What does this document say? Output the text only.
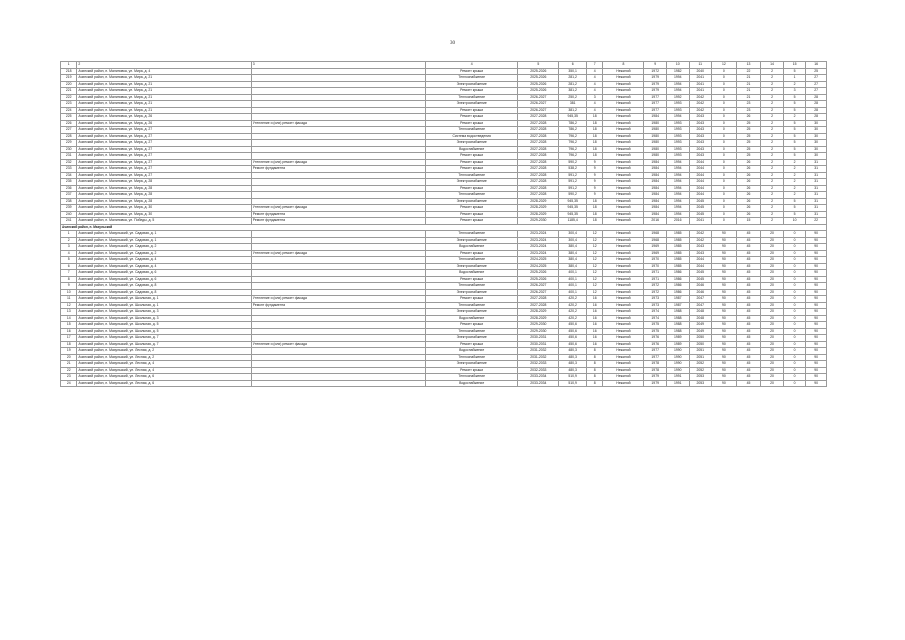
30
1	2	3	4	5	6	7	8	9	10	11	12	13	14	15	16
218	Ачинский район, п. Малиновка, ул. Мира, д. 4		Ремонт крыши	2025-2026	350,1	4	Нежилой	1972	1982	2040	0	22	2	5	25
219	Ачинский район, п. Малиновка, ул. Мира, д. 21		Теплоснабжение	2025-2026	281,2	4	Нежилой	1979	1994	2041	0	21	2	1	27
220	Ачинский район, п. Малиновка, ул. Мира, д. 21		Электроснабжение	2025-2026	281,2	4	Нежилой	1979	1994	2041	0	21	2	2	27
221	Ачинский район, п. Малиновка, ул. Мира, д. 21		Ремонт крыши	2025-2026	381,2	4	Нежилой	1979	1994	2041	0	21	2	3	27
222	Ачинский район, п. Малиновка, ул. Мира, д. 21		Теплоснабжение	2026-2027	250,2	3	Нежилой	1977	1992	2042	0	21	2	5	28
223	Ачинский район, п. Малиновка, ул. Мира, д. 21		Электроснабжение	2026-2027	381	4	Нежилой	1977	1993	2042	0	23	2	5	28
224	Ачинский район, п. Малиновка, ул. Мира, д. 21		Ремонт крыши	2026-2027	381,2	4	Нежилой	1977	1993	2042	0	23	2	5	28
225	Ачинский район, п. Малиновка, ул. Мира, д. 26		Ремонт крыши	2027-2028	945,35	18	Нежилой	1984	1994	2043	0	26	2	2	28
226	Ачинский район, п. Малиновка, ул. Мира, д. 26	Утепление и (или) ремонт фасада	Ремонт крыши	2027-2028	786,2	18	Нежилой	1980	1993	2043	0	25	2	5	30
227	Ачинский район, п. Малиновка, ул. Мира, д. 27		Теплоснабжение	2027-2028	786,2	18	Нежилой	1980	1993	2043	0	25	2	5	30
228	Ачинский район, п. Малиновка, ул. Мира, д. 27		Система водоотведения	2027-2028	796,2	18	Нежилой	1980	1993	2043	0	25	2	5	30
229	Ачинский район, п. Малиновка, ул. Мира, д. 27		Электроснабжение	2027-2028	796,2	18	Нежилой	1980	1993	2043	0	25	2	5	30
230	Ачинский район, п. Малиновка, ул. Мира, д. 27		Водоснабжение	2027-2028	796,2	18	Нежилой	1980	1993	2043	0	25	2	5	30
231	Ачинский район, п. Малиновка, ул. Мира, д. 27		Ремонт крыши	2027-2028	796,2	18	Нежилой	1980	1993	2043	0	25	2	5	30
232	Ачинский район, п. Малиновка, ул. Мира, д. 27	Утепление и (или) ремонт фасада	Ремонт крыши	2027-2028	590,2	9	Нежилой	1984	1994	2044	0	26	2	2	31
233	Ачинский район, п. Малиновка, ул. Мира, д. 27	Ремонт фундамента	Ремонт крыши	2027-2028	538,2	9	Нежилой	1984	1994	2044	0	26	2	2	31
234	Ачинский район, п. Малиновка, ул. Мира, д. 27		Теплоснабжение	2027-2028	591,2	9	Нежилой	1984	1994	2044	0	26	2	2	31
235	Ачинский район, п. Малиновка, ул. Мира, д. 28		Электроснабжение	2027-2028	591,2	9	Нежилой	1984	1994	2044	0	26	2	2	31
236	Ачинский район, п. Малиновка, ул. Мира, д. 28		Ремонт крыши	2027-2028	591,2	9	Нежилой	1984	1994	2044	0	26	2	2	31
237	Ачинский район, п. Малиновка, ул. Мира, д. 28		Теплоснабжение	2027-2028	590,2	9	Нежилой	1984	1994	2044	0	26	2	2	31
238	Ачинский район, п. Малиновка, ул. Мира, д. 28		Электроснабжение	2028-2029	945,35	18	Нежилой	1984	1994	2045	0	26	2	5	31
239	Ачинский район, п. Малиновка, ул. Мира, д. 30	Утепление и (или) ремонт фасада	Ремонт крыши	2028-2029	945,35	18	Нежилой	1984	1994	2045	0	26	2	5	31
240	Ачинский район, п. Малиновка, ул. Мира, д. 30	Ремонт фундамента	Ремонт крыши	2028-2029	945,35	18	Нежилой	1984	1994	2045	0	26	2	5	31
241	Ачинский район, п. Малиновка, ул. Победы, д. 5	Ремонт фундамента	Ремонт крыши	2029-2030	1185,4	18	Нежилой	2016	2016	2041	0	15	2	10	22
Ачинский район, п. Мазульский															
1	Ачинский район, п. Мазульский, ул. Садовая, д. 1		Теплоснабжение	2023-2024	300,4	12	Нежилой	1968	1985	2042	90	45	20	0	90
2	Ачинский район, п. Мазульский, ул. Садовая, д. 1		Электроснабжение	2023-2024	300,4	12	Нежилой	1968	1985	2042	90	45	20	0	90
3	Ачинский район, п. Мазульский, ул. Садовая, д. 2		Водоснабжение	2023-2024	380,4	12	Нежилой	1969	1985	2043	90	45	20	0	90
4	Ачинский район, п. Мазульский, ул. Садовая, д. 2	Утепление и (или) ремонт фасада	Ремонт крыши	2023-2024	380,4	12	Нежилой	1969	1985	2043	90	45	20	0	90
5	Ачинский район, п. Мазульский, ул. Садовая, д. 4		Теплоснабжение	2024-2025	380,4	12	Нежилой	1970	1985	2044	90	45	20	0	90
6	Ачинский район, п. Мазульский, ул. Садовая, д. 4		Электроснабжение	2024-2025	380,4	12	Нежилой	1970	1985	2044	90	45	20	0	90
7	Ачинский район, п. Мазульский, ул. Садовая, д. 6		Водоснабжение	2025-2026	400,1	12	Нежилой	1971	1986	2045	90	45	20	0	90
8	Ачинский район, п. Мазульский, ул. Садовая, д. 6		Ремонт крыши	2025-2026	400,1	12	Нежилой	1971	1986	2045	90	45	20	0	90
9	Ачинский район, п. Мазульский, ул. Садовая, д. 8		Теплоснабжение	2026-2027	400,1	12	Нежилой	1972	1986	2046	90	45	20	0	90
10	Ачинский район, п. Мазульский, ул. Садовая, д. 8		Электроснабжение	2026-2027	400,1	12	Нежилой	1972	1986	2046	90	45	20	0	90
11	Ачинский район, п. Мазульский, ул. Школьная, д. 1	Утепление и (или) ремонт фасада	Ремонт крыши	2027-2028	420,2	16	Нежилой	1973	1987	2047	90	45	20	0	90
12	Ачинский район, п. Мазульский, ул. Школьная, д. 1	Ремонт фундамента	Теплоснабжение	2027-2028	420,2	16	Нежилой	1973	1987	2047	90	45	20	0	90
13	Ачинский район, п. Мазульский, ул. Школьная, д. 3		Электроснабжение	2028-2029	420,2	16	Нежилой	1974	1988	2048	90	45	20	0	90
14	Ачинский район, п. Мазульский, ул. Школьная, д. 3		Водоснабжение	2028-2029	420,2	16	Нежилой	1974	1988	2048	90	45	20	0	90
15	Ачинский район, п. Мазульский, ул. Школьная, д. 5		Ремонт крыши	2029-2030	450,6	16	Нежилой	1975	1988	2049	90	45	20	0	90
16	Ачинский район, п. Мазульский, ул. Школьная, д. 5		Теплоснабжение	2029-2030	450,6	16	Нежилой	1975	1988	2049	90	45	20	0	90
17	Ачинский район, п. Мазульский, ул. Школьная, д. 7		Электроснабжение	2030-2031	450,6	16	Нежилой	1976	1989	2050	90	45	20	0	90
18	Ачинский район, п. Мазульский, ул. Школьная, д. 7	Утепление и (или) ремонт фасада	Ремонт крыши	2030-2031	450,6	16	Нежилой	1976	1989	2050	90	45	20	0	90
19	Ачинский район, п. Мазульский, ул. Лесная, д. 2		Водоснабжение	2031-2032	480,3	8	Нежилой	1977	1990	2051	90	45	20	0	90
20	Ачинский район, п. Мазульский, ул. Лесная, д. 2		Теплоснабжение	2031-2032	480,3	8	Нежилой	1977	1990	2051	90	45	20	0	90
21	Ачинский район, п. Мазульский, ул. Лесная, д. 4		Электроснабжение	2032-2033	480,3	8	Нежилой	1978	1990	2052	90	45	20	0	90
22	Ачинский район, п. Мазульский, ул. Лесная, д. 4		Ремонт крыши	2032-2033	480,3	8	Нежилой	1978	1990	2052	90	45	20	0	90
23	Ачинский район, п. Мазульский, ул. Лесная, д. 6		Теплоснабжение	2033-2034	510,9	8	Нежилой	1979	1991	2053	90	45	20	0	90
24	Ачинский район, п. Мазульский, ул. Лесная, д. 6		Водоснабжение	2033-2034	510,9	8	Нежилой	1979	1991	2053	90	45	20	0	90
